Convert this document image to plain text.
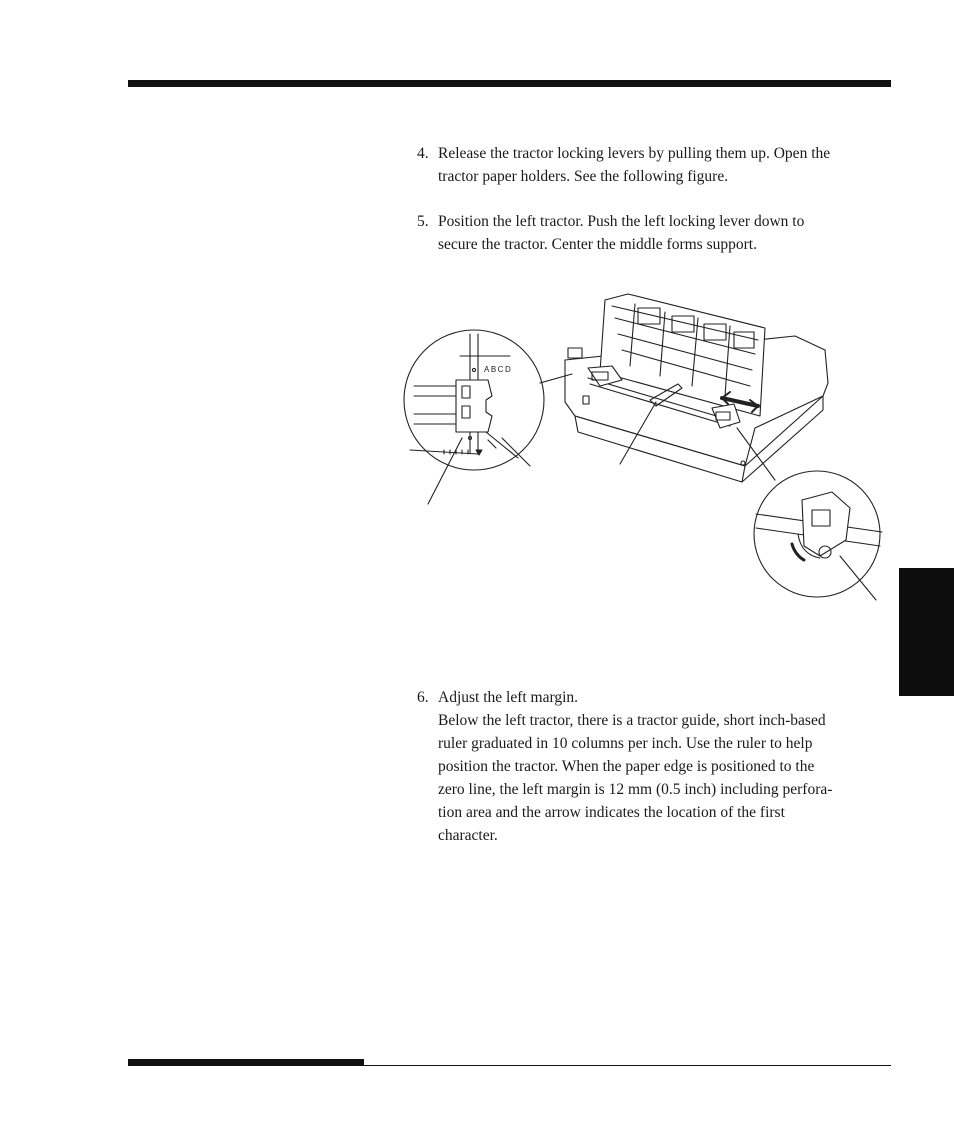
4. Release the tractor locking levers by pulling them up. Open the
tractor paper holders. See the following figure.
5. Position the left tractor. Push the left locking lever down to
secure the tractor. Center the middle forms support.
ABCD
6. Adjust the left margin.
Below the left tractor, there is a tractor guide, short inch-based
ruler graduated in 10 columns per inch. Use the ruler to help
position the tractor. When the paper edge is positioned to the
zero line, the left margin is 12 mm (0.5 inch) including perfora-
tion area and the arrow indicates the location of the first
character.
